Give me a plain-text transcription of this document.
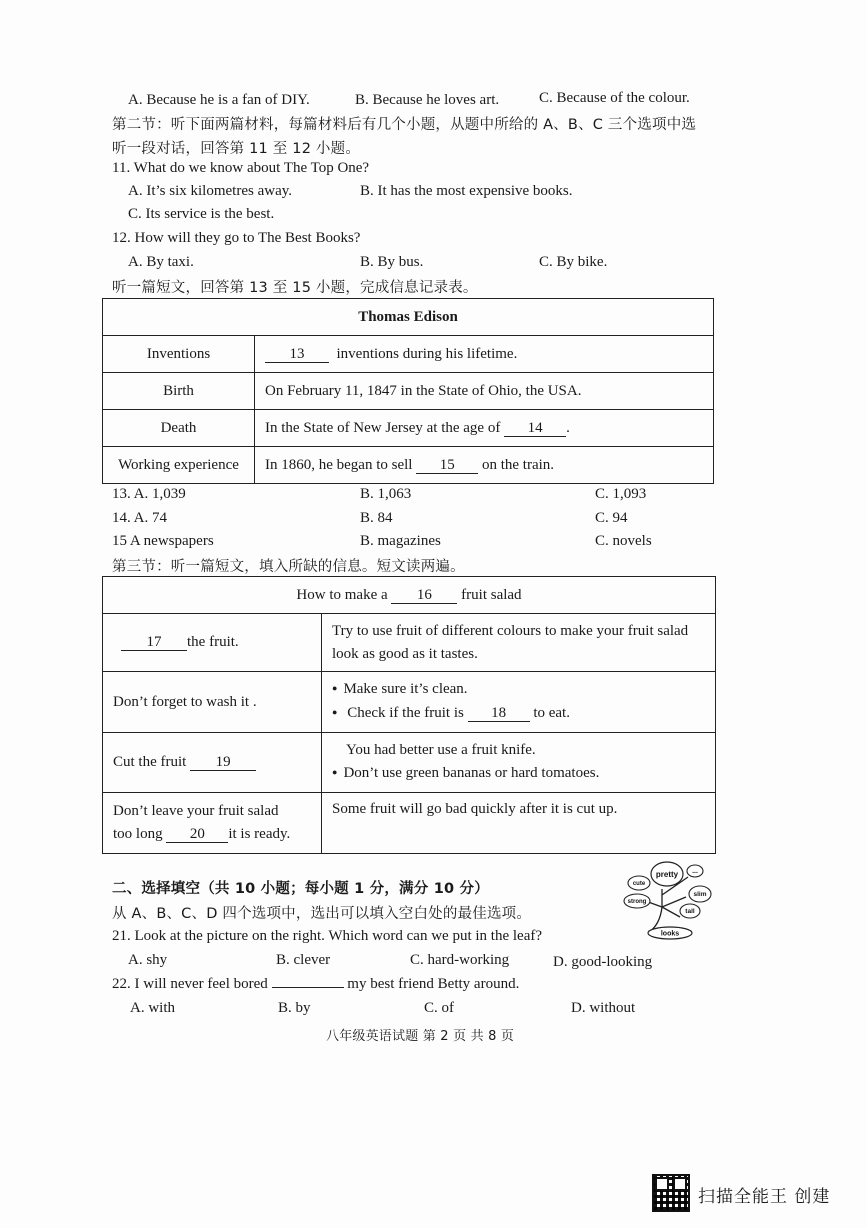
A. Because he is a fan of DIY.	B. Because he loves art.	C. Because of the colour.
第二节：听下面两篇材料，每篇材料后有几个小题，从题中所给的 A、B、C 三个选项中选
听一段对话，回答第 11 至 12 小题。
11. What do we know about The Top One?
A. It’s six kilometres away.	B. It has the most expensive books.
C. Its service is the best.
12. How will they go to The Best Books?
A. By taxi.	B. By bus.	C. By bike.
听一篇短文，回答第 13 至 15 小题，完成信息记录表。
Thomas Edison	
Inventions	13 inventions during his lifetime.
Birth	On February 11, 1847 in the State of Ohio, the USA.
Death	In the State of New Jersey at the age of 14 .
Working experience	In 1860, he began to sell 15 on the train.
13. A. 1,039	B. 1,063	C. 1,093
14. A. 74	B. 84	C. 94
15 A newspapers	B. magazines	C. novels
第三节：听一篇短文，填入所缺的信息。短文读两遍。
How to make a 16 fruit salad	
17 the fruit.	Try to use fruit of different colours to make your fruit salad look as good as it tastes.
Don’t forget to wash it .	● Make sure it’s clean.
● Check if the fruit is 18 to eat.

Cut the fruit 19	You had better use a fruit knife.
● Don’t use green bananas or hard tomatoes.

Don’t leave your fruit salad
too long 20 it is ready.	Some fruit will go bad quickly after it is cut up.
二、选择填空（共 10 小题；每小题 1 分，满分 10 分）
从 A、B、C、D 四个选项中，选出可以填入空白处的最佳选项。
pretty ...
cute
strong
slim
tall
looks
21. Look at the picture on the right. Which word can we put in the leaf?
A. shy	B. clever	C. hard-working	D. good-looking
22. I will never feel bored	my best friend Betty around.
A. with	B. by	C. of	D. without
八年级英语试题 第 2 页 共 8 页
扫描全能王 创建
